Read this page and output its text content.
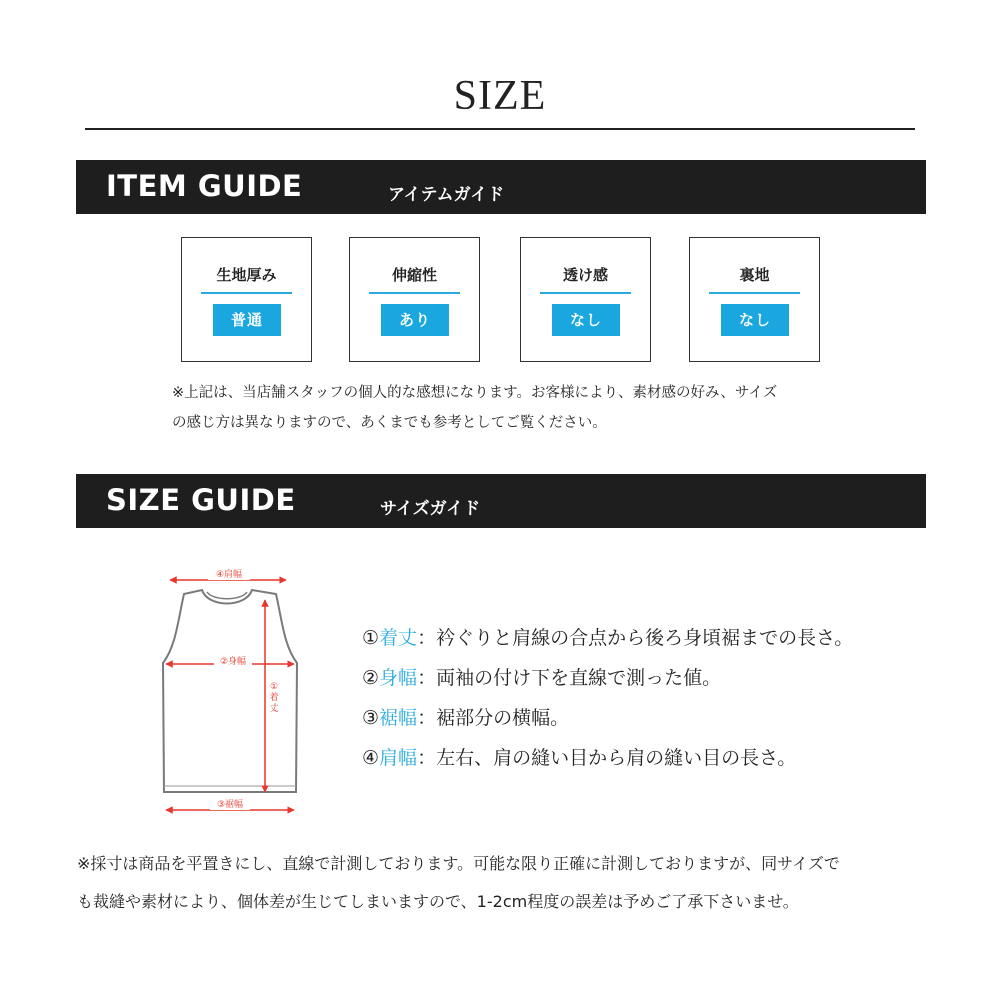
SIZE
ITEM GUIDE	アイテムガイド
生地厚み
普通
伸縮性
あり
透け感
なし
裏地
なし
※上記は、当店舗スタッフの個人的な感想になります。お客様により、素材感の好み、サイズ
の感じ方は異なりますので、あくまでも参考としてご覧ください。
SIZE GUIDE	サイズガイド
④肩幅
②身幅
①
着
丈
③裾幅
①着丈：衿ぐりと肩線の合点から後ろ身頃裾までの長さ。
②身幅：両袖の付け下を直線で測った値。
③裾幅：裾部分の横幅。
④肩幅：左右、肩の縫い目から肩の縫い目の長さ。
※採寸は商品を平置きにし、直線で計測しております。可能な限り正確に計測しておりますが、同サイズで
も裁縫や素材により、個体差が生じてしまいますので、1-2cm程度の誤差は予めご了承下さいませ。
